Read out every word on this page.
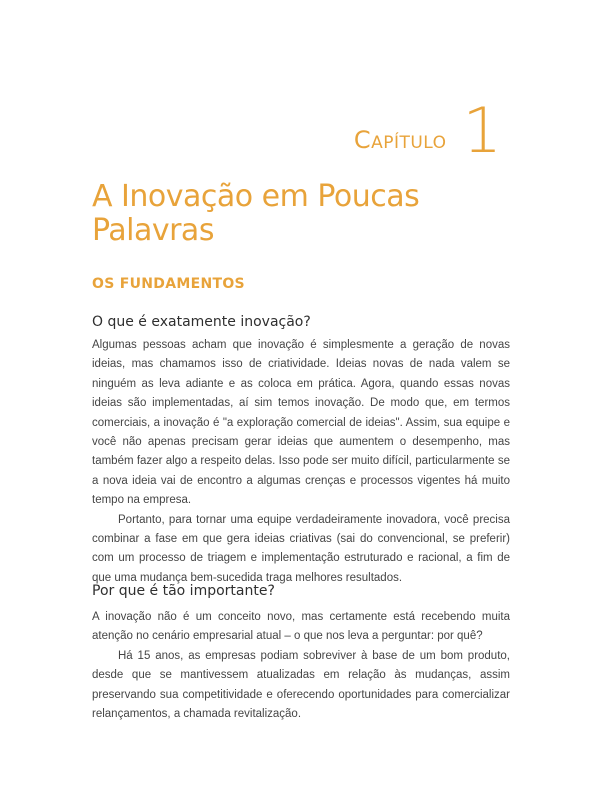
Capítulo 1
A Inovação em Poucas Palavras
OS FUNDAMENTOS
O que é exatamente inovação?

Algumas pessoas acham que inovação é simplesmente a geração de novas ideias, mas chamamos isso de criatividade. Ideias novas de nada valem se ninguém as leva adiante e as coloca em prática. Agora, quando essas novas ideias são implementadas, aí sim temos inovação. De modo que, em termos comerciais, a inovação é "a exploração comercial de ideias". Assim, sua equipe e você não apenas precisam gerar ideias que aumentem o desempenho, mas também fazer algo a respeito delas. Isso pode ser muito difícil, particularmente se a nova ideia vai de encontro a algumas crenças e processos vigentes há muito tempo na empresa.

Portanto, para tornar uma equipe verdadeiramente inovadora, você precisa combinar a fase em que gera ideias criativas (sai do convencional, se preferir) com um processo de triagem e implementação estruturado e racional, a fim de que uma mudança bem-sucedida traga melhores resultados.

Por que é tão importante?

A inovação não é um conceito novo, mas certamente está recebendo muita atenção no cenário empresarial atual – o que nos leva a perguntar: por quê?

Há 15 anos, as empresas podiam sobreviver à base de um bom produto, desde que se mantivessem atualizadas em relação às mudanças, assim preservando sua competitividade e oferecendo oportunidades para comercializar relançamentos, a chamada revitalização.
